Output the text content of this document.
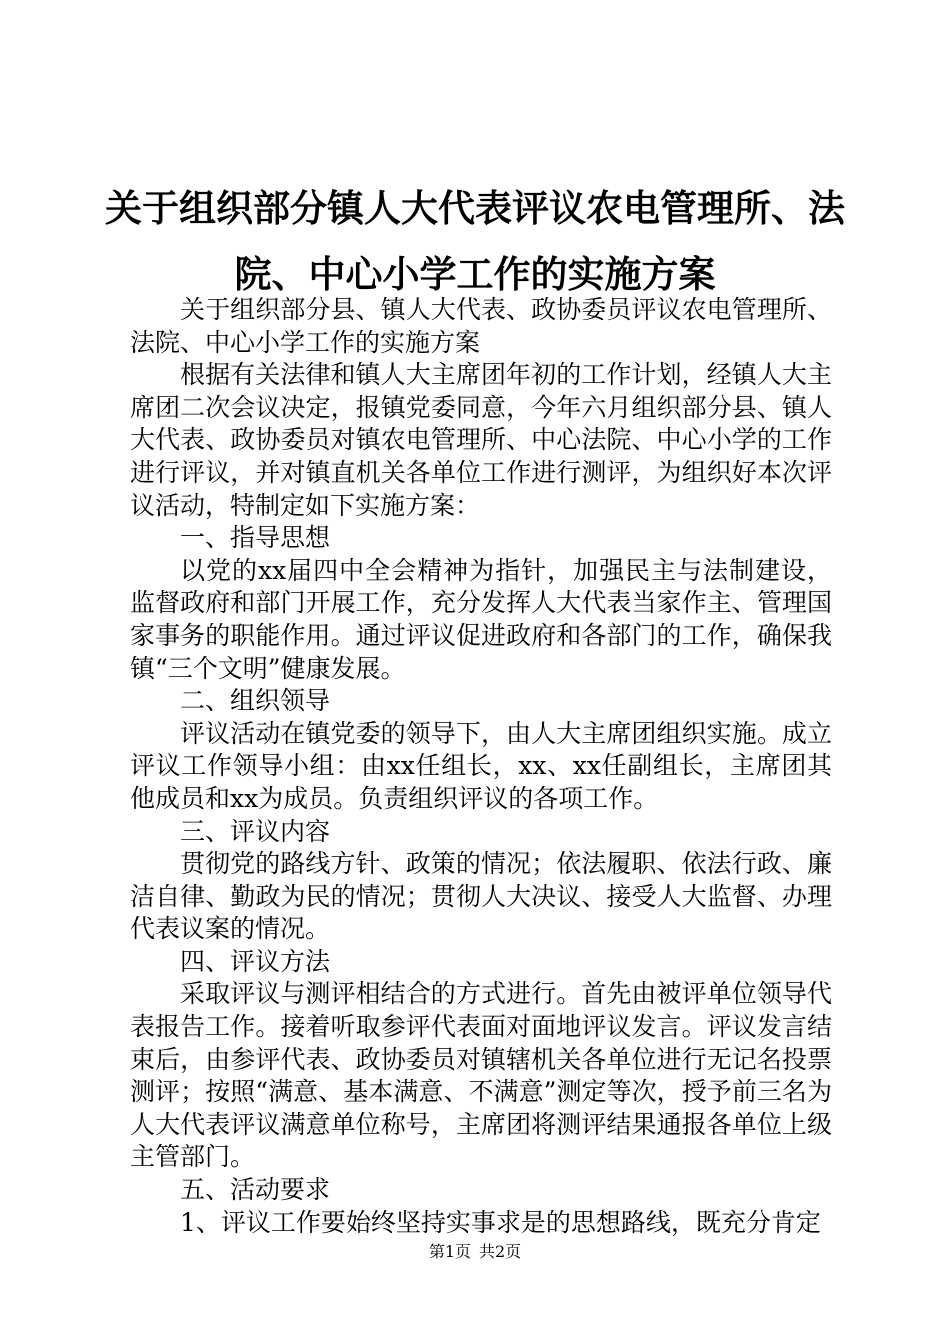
关于组织部分镇人大代表评议农电管理所、法
院、中心小学工作的实施方案

关于组织部分县、镇人大代表、政协委员评议农电管理所、法院、中心小学工作的实施方案

根据有关法律和镇人大主席团年初的工作计划，经镇人大主席团二次会议决定，报镇党委同意，今年六月组织部分县、镇人大代表、政协委员对镇农电管理所、中心法院、中心小学的工作进行评议，并对镇直机关各单位工作进行测评，为组织好本次评议活动，特制定如下实施方案：

一、指导思想

以党的xx届四中全会精神为指针，加强民主与法制建设，监督政府和部门开展工作，充分发挥人大代表当家作主、管理国家事务的职能作用。通过评议促进政府和各部门的工作，确保我镇“三个文明”健康发展。

二、组织领导

评议活动在镇党委的领导下，由人大主席团组织实施。成立评议工作领导小组：由xx任组长，xx、xx任副组长，主席团其他成员和xx为成员。负责组织评议的各项工作。

三、评议内容

贯彻党的路线方针、政策的情况；依法履职、依法行政、廉洁自律、勤政为民的情况；贯彻人大决议、接受人大监督、办理代表议案的情况。

四、评议方法

采取评议与测评相结合的方式进行。首先由被评单位领导代表报告工作。接着听取参评代表面对面地评议发言。评议发言结束后，由参评代表、政协委员对镇辖机关各单位进行无记名投票测评；按照“满意、基本满意、不满意”测定等次，授予前三名为人大代表评议满意单位称号，主席团将测评结果通报各单位上级主管部门。

五、活动要求

1、评议工作要始终坚持实事求是的思想路线，既充分肯定

第1页 共2页
